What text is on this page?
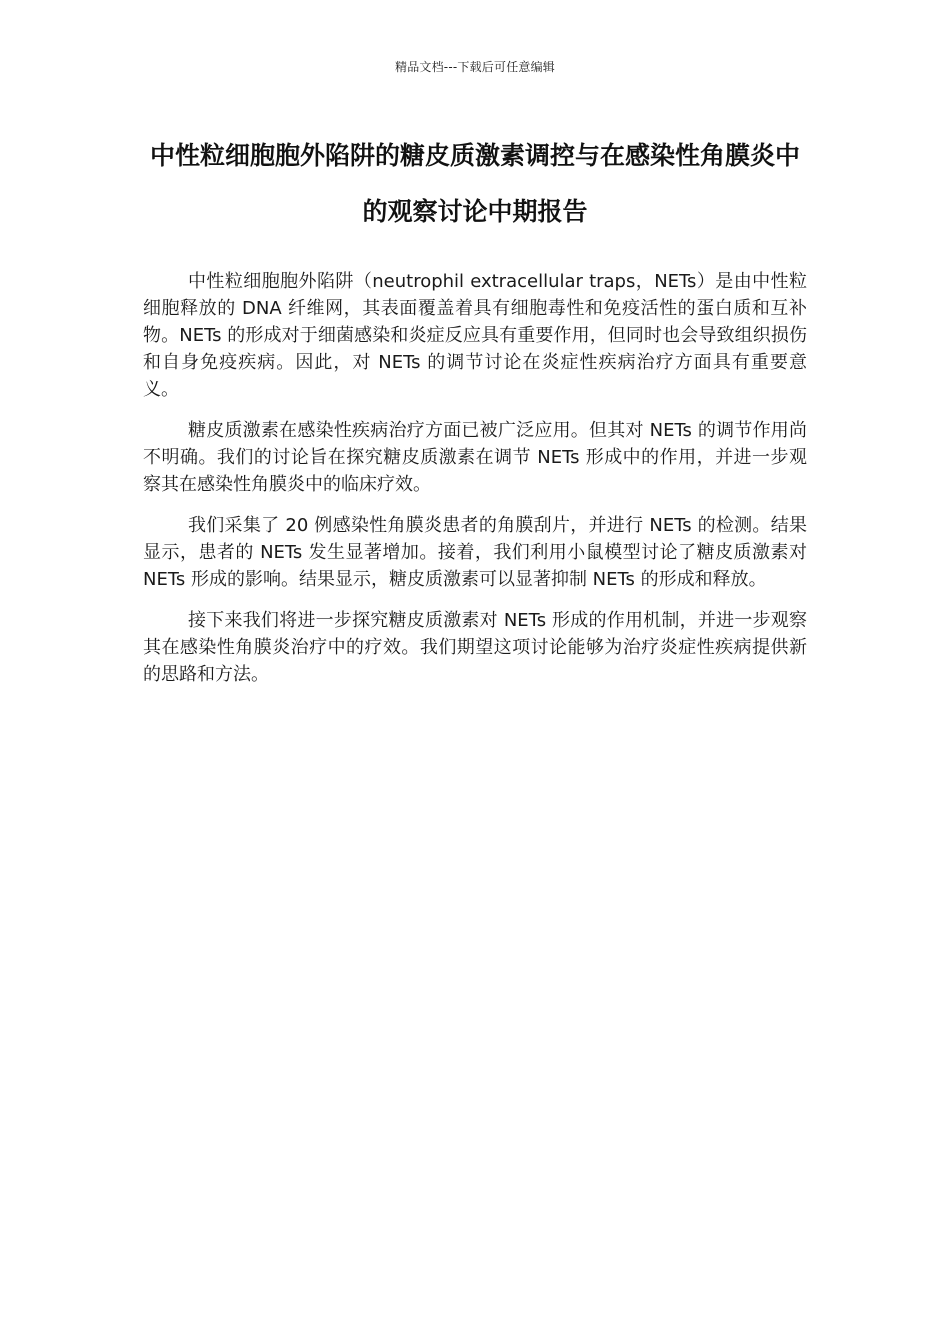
精品文档---下载后可任意编辑
中性粒细胞胞外陷阱的糖皮质激素调控与在感染性角膜炎中的观察讨论中期报告

中性粒细胞胞外陷阱（neutrophil extracellular traps，NETs）是由中性粒细胞释放的 DNA 纤维网，其表面覆盖着具有细胞毒性和免疫活性的蛋白质和互补物。NETs 的形成对于细菌感染和炎症反应具有重要作用，但同时也会导致组织损伤和自身免疫疾病。因此，对 NETs 的调节讨论在炎症性疾病治疗方面具有重要意义。

糖皮质激素在感染性疾病治疗方面已被广泛应用。但其对 NETs 的调节作用尚不明确。我们的讨论旨在探究糖皮质激素在调节 NETs 形成中的作用，并进一步观察其在感染性角膜炎中的临床疗效。

我们采集了 20 例感染性角膜炎患者的角膜刮片，并进行 NETs 的检测。结果显示，患者的 NETs 发生显著增加。接着，我们利用小鼠模型讨论了糖皮质激素对 NETs 形成的影响。结果显示，糖皮质激素可以显著抑制 NETs 的形成和释放。

接下来我们将进一步探究糖皮质激素对 NETs 形成的作用机制，并进一步观察其在感染性角膜炎治疗中的疗效。我们期望这项讨论能够为治疗炎症性疾病提供新的思路和方法。
